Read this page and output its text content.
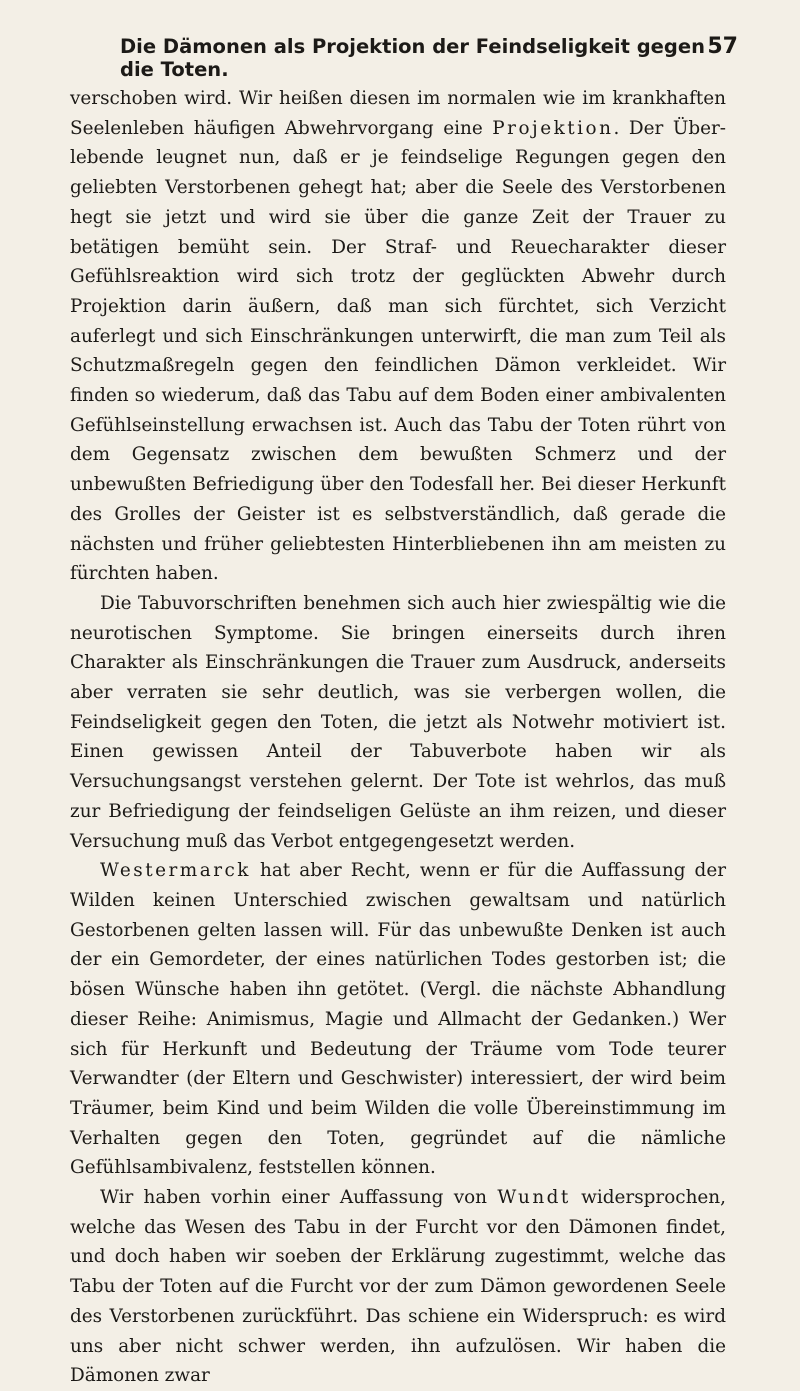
Die Dämonen als Projektion der Feindseligkeit gegen die Toten.
57

verschoben wird. Wir heißen diesen im normalen wie im krankhaften Seelenleben häufigen Abwehrvorgang eine Projektion. Der Überlebende leugnet nun, daß er je feindselige Regungen gegen den geliebten Verstorbenen gehegt hat; aber die Seele des Verstorbenen hegt sie jetzt und wird sie über die ganze Zeit der Trauer zu betätigen bemüht sein. Der Straf- und Reuecharakter dieser Gefühlsreaktion wird sich trotz der geglückten Abwehr durch Projektion darin äußern, daß man sich fürchtet, sich Verzicht auferlegt und sich Einschränkungen unterwirft, die man zum Teil als Schutzmaßregeln gegen den feindlichen Dämon verkleidet. Wir finden so wiederum, daß das Tabu auf dem Boden einer ambivalenten Gefühlseinstellung erwachsen ist. Auch das Tabu der Toten rührt von dem Gegensatz zwischen dem bewußten Schmerz und der unbewußten Befriedigung über den Todesfall her. Bei dieser Herkunft des Grolles der Geister ist es selbstverständlich, daß gerade die nächsten und früher geliebtesten Hinterbliebenen ihn am meisten zu fürchten haben.

Die Tabuvorschriften benehmen sich auch hier zwiespältig wie die neurotischen Symptome. Sie bringen einerseits durch ihren Charakter als Einschränkungen die Trauer zum Ausdruck, anderseits aber verraten sie sehr deutlich, was sie verbergen wollen, die Feindseligkeit gegen den Toten, die jetzt als Notwehr motiviert ist. Einen gewissen Anteil der Tabuverbote haben wir als Versuchungsangst verstehen gelernt. Der Tote ist wehrlos, das muß zur Befriedigung der feindseligen Gelüste an ihm reizen, und dieser Versuchung muß das Verbot entgegengesetzt werden.

Westermarck hat aber Recht, wenn er für die Auffassung der Wilden keinen Unterschied zwischen gewaltsam und natürlich Gestorbenen gelten lassen will. Für das unbewußte Denken ist auch der ein Gemordeter, der eines natürlichen Todes gestorben ist; die bösen Wünsche haben ihn getötet. (Vergl. die nächste Abhandlung dieser Reihe: Animismus, Magie und Allmacht der Gedanken.) Wer sich für Herkunft und Bedeutung der Träume vom Tode teurer Verwandter (der Eltern und Geschwister) interessiert, der wird beim Träumer, beim Kind und beim Wilden die volle Übereinstimmung im Verhalten gegen den Toten, gegründet auf die nämliche Gefühlsambivalenz, feststellen können.

Wir haben vorhin einer Auffassung von Wundt widersprochen, welche das Wesen des Tabu in der Furcht vor den Dämonen findet, und doch haben wir soeben der Erklärung zugestimmt, welche das Tabu der Toten auf die Furcht vor der zum Dämon gewordenen Seele des Verstorbenen zurückführt. Das schiene ein Widerspruch: es wird uns aber nicht schwer werden, ihn aufzulösen. Wir haben die Dämonen zwar
